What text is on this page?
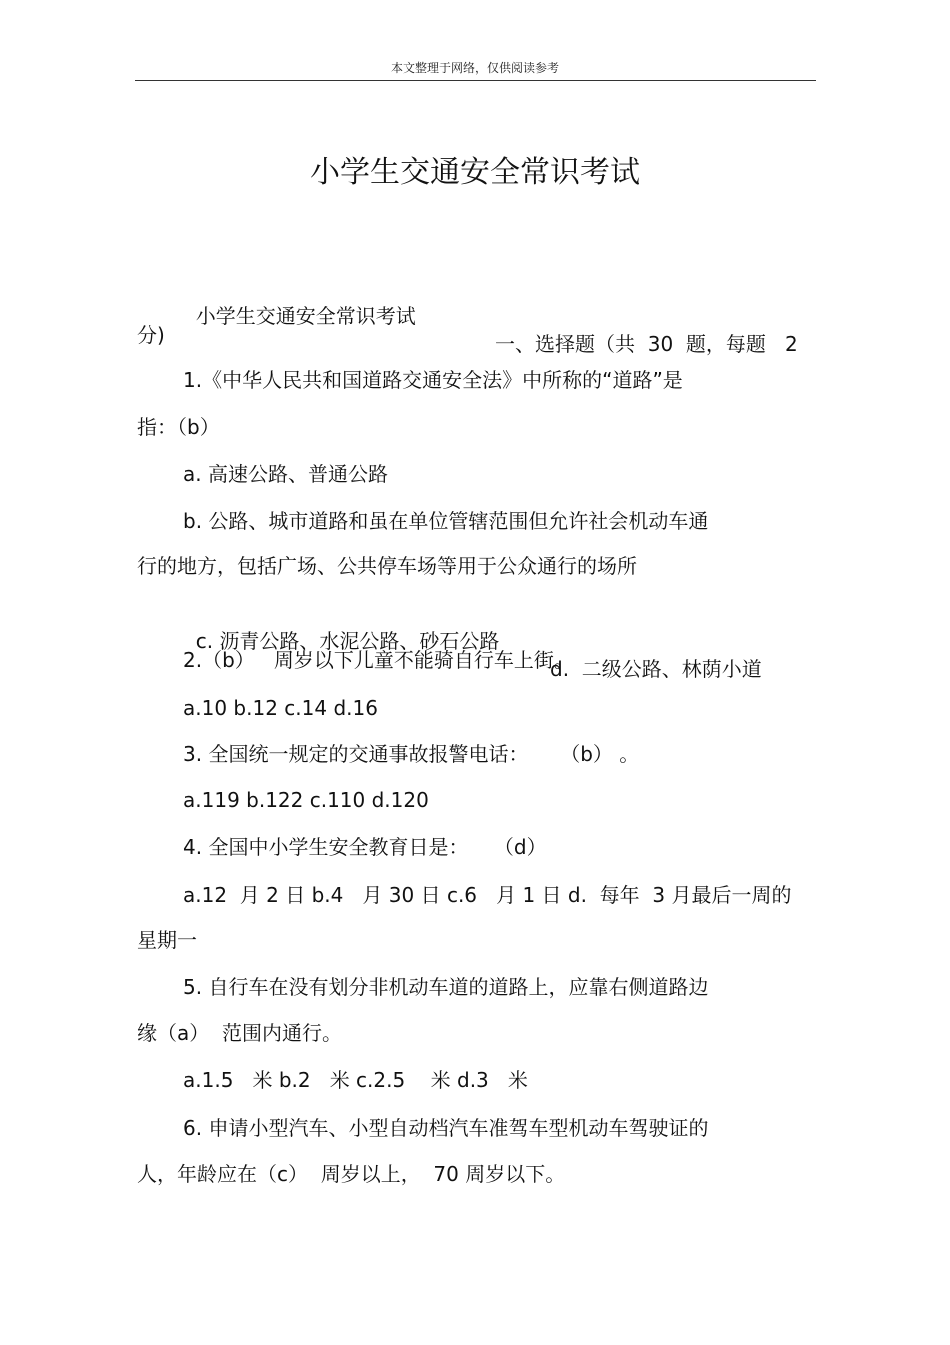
本文整理于网络，仅供阅读参考
小学生交通安全常识考试

小学生交通安全常识考试

一、选择题（共  30  题，每题   2

分)
1.《中华人民共和国道路交通安全法》中所称的“道路”是
指：（b）
a. 高速公路、普通公路
b. 公路、城市道路和虽在单位管辖范围但允许社会机动车通
行的地方，包括广场、公共停车场等用于公众通行的场所

c. 沥青公路、水泥公路、砂石公路

d.  二级公路、林荫小道

2.（b）   周岁以下儿童不能骑自行车上街。
a.10 b.12 c.14 d.16
3. 全国统一规定的交通事故报警电话：     （b） 。
a.119 b.122 c.110 d.120
4. 全国中小学生安全教育日是：    （d）
a.12  月 2 日 b.4   月 30 日 c.6   月 1 日 d.  每年  3 月最后一周的
星期一
5. 自行车在没有划分非机动车道的道路上，应靠右侧道路边
缘（a）  范围内通行。
a.1.5   米 b.2   米 c.2.5    米 d.3   米
6. 申请小型汽车、小型自动档汽车准驾车型机动车驾驶证的
人，年龄应在（c）  周岁以上，  70 周岁以下。
